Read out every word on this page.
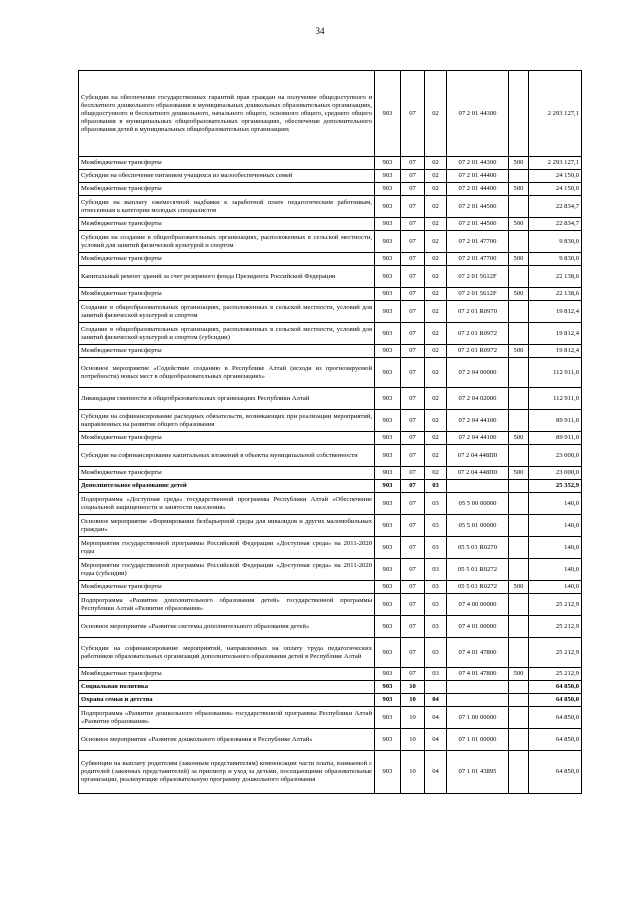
34
Субсидии на обеспечение государственных гарантий прав граждан на получение общедоступного и бесплатного дошкольного образования в муниципальных дошкольных образовательных организациях, общедоступного и бесплатного дошкольного, начального общего, основного общего, среднего общего образования в муниципальных общеобразовательных организациях, обеспечение дополнительного образования детей в муниципальных общеобразовательных организациях	903	07	02	07 2 01 44300		2 293 127,1
Межбюджетные трансферты	903	07	02	07 2 01 44300	500	2 293 127,1
Субсидии на обеспечение питанием учащихся из малообеспеченных семей	903	07	02	07 2 01 44400		24 150,0
Межбюджетные трансферты	903	07	02	07 2 01 44400	500	24 150,0
Субсидии на выплату ежемесячной надбавки к заработной плате педагогическим работникам, отнесенным к категории молодых специалистов	903	07	02	07 2 01 44500		22 834,7
Межбюджетные трансферты	903	07	02	07 2 01 44500	500	22 834,7
Субсидии на создание в общеобразовательных организациях, расположенных в сельской местности, условий для занятий физической культурой и спортом	903	07	02	07 2 01 47700		9 830,0
Межбюджетные трансферты	903	07	02	07 2 01 47700	500	9 830,0
Капитальный ремонт зданий за счет резервного фонда Президента Российской Федерации	903	07	02	07 2 01 5612F		22 138,6
Межбюджетные трансферты	903	07	02	07 2 01 5612F	500	22 138,6
Создание в общеобразовательных организациях, расположенных в сельской местности, условий для занятий физической культурой и спортом	903	07	02	07 2 01 R0970		19 812,4
Создание в общеобразовательных организациях, расположенных в сельской местности, условий для занятий физической культурой и спортом (субсидии)	903	07	02	07 2 01 R0972		19 812,4
Межбюджетные трансферты	903	07	02	07 2 01 R0972	500	19 812,4
Основное мероприятие «Содействие созданию в Республике Алтай (исходя из прогнозируемой потребности) новых мест в общеобразовательных организациях»	903	07	02	07 2 04 00000		112 911,0
Ликвидация сменности в общеобразовательных организациях Республики Алтай	903	07	02	07 2 04 02000		112 911,0
Субсидии на софинансирование расходных обязательств, возникающих при реализации мероприятий, направленных на развитие общего образования	903	07	02	07 2 04 44100		89 911,0
Межбюджетные трансферты	903	07	02	07 2 04 44100	500	89 911,0
Субсидии на софинансирование капитальных вложений в объекты муниципальной собственности	903	07	02	07 2 04 448П0		23 000,0
Межбюджетные трансферты	903	07	02	07 2 04 448П0	500	23 000,0
Дополнительное образование детей	903	07	03			25 352,9
Подпрограмма «Доступная среда» государственной программы Республики Алтай «Обеспечение социальной защищенности и занятости населения»	903	07	03	05 5 00 00000		140,0
Основное мероприятие «Формирование безбарьерной среды для инвалидов и других маломобильных граждан»	903	07	03	05 5 01 00000		140,0
Мероприятия государственной программы Российской Федерации «Доступная среда» на 2011-2020 годы	903	07	03	05 5 01 R0270		140,0
Мероприятия государственной программы Российской Федерации «Доступная среда» на 2011-2020 годы (субсидии)	903	07	03	05 5 01 R0272		140,0
Межбюджетные трансферты	903	07	03	05 5 01 R0272	500	140,0
Подпрограмма «Развитие дополнительного образования детей» государственной программы Республики Алтай «Развитие образования»	903	07	03	07 4 00 00000		25 212,9
Основное мероприятие «Развитие системы дополнительного образования детей»	903	07	03	07 4 01 00000		25 212,9
Субсидии на софинансирование мероприятий, направленных на оплату труда педагогических работников образовательных организаций дополнительного образования детей в Республике Алтай	903	07	03	07 4 01 47800		25 212,9
Межбюджетные трансферты	903	07	03	07 4 01 47800	500	25 212,9
Социальная политика	903	10				64 850,0
Охрана семьи и детства	903	10	04			64 850,0
Подпрограмма «Развитие дошкольного образования» государственной программы Республики Алтай «Развитие образования»	903	10	04	07 1 00 00000		64 850,0
Основное мероприятие «Развитие дошкольного образования в Республике Алтай»	903	10	04	07 1 01 00000		64 850,0
Субвенции на выплату родителям (законным представителям) компенсации части платы, взимаемой с родителей (законных представителей) за присмотр и уход за детьми, посещающими образовательные организации, реализующие образовательную программу дошкольного образования	903	10	04	07 1 01 43895		64 850,0
